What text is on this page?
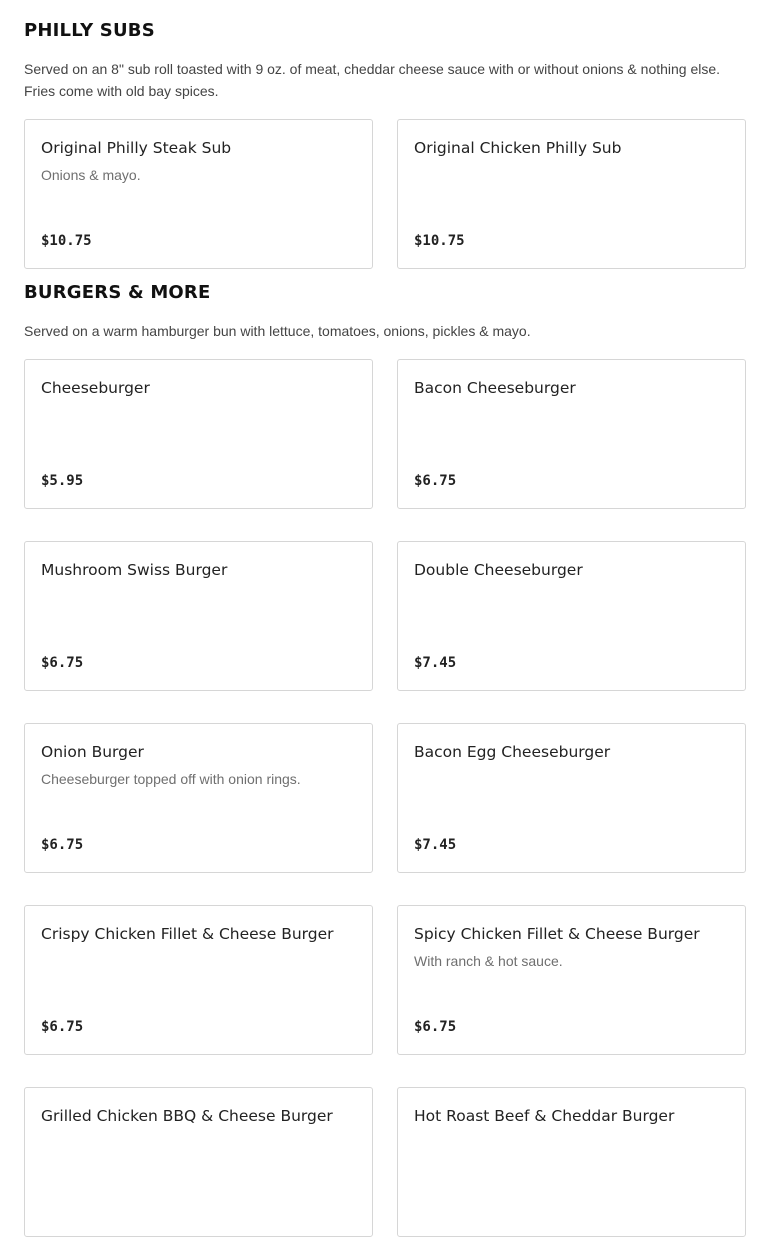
PHILLY SUBS

Served on an 8" sub roll toasted with 9 oz. of meat, cheddar cheese sauce with or without onions & nothing else. Fries come with old bay spices.

Original Philly Steak Sub
Onions & mayo.
$10.75
Original Chicken Philly Sub
$10.75
BURGERS & MORE

Served on a warm hamburger bun with lettuce, tomatoes, onions, pickles & mayo.

Cheeseburger
$5.95
Bacon Cheeseburger
$6.75
Mushroom Swiss Burger
$6.75
Double Cheeseburger
$7.45
Onion Burger
Cheeseburger topped off with onion rings.
$6.75
Bacon Egg Cheeseburger
$7.45
Crispy Chicken Fillet & Cheese Burger
$6.75
Spicy Chicken Fillet & Cheese Burger
With ranch & hot sauce.
$6.75
Grilled Chicken BBQ & Cheese Burger	Hot Roast Beef & Cheddar Burger
